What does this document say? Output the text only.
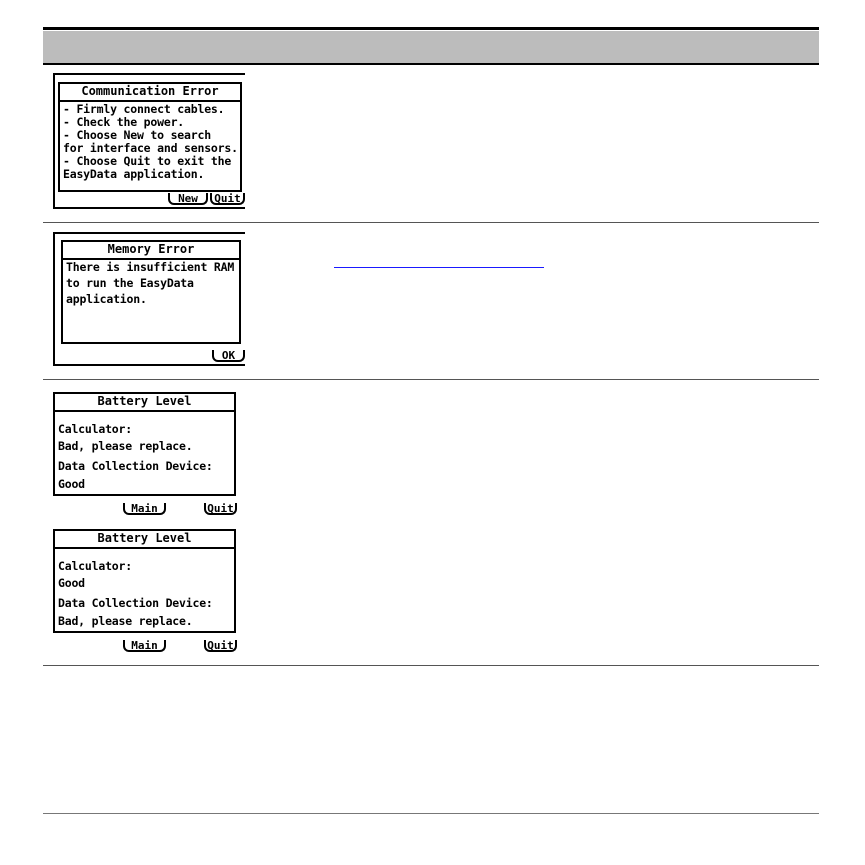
Communication Error
- Firmly connect cables.
- Check the power.
- Choose New to search
for interface and sensors.
- Choose Quit to exit the
EasyData application.
New	Quit
Memory Error
There is insufficient RAM
to run the EasyData
application.
OK
Battery Level
Calculator:
Bad, please replace.
Data Collection Device:
Good
Main	Quit
Battery Level
Calculator:
Good
Data Collection Device:
Bad, please replace.
Main	Quit
